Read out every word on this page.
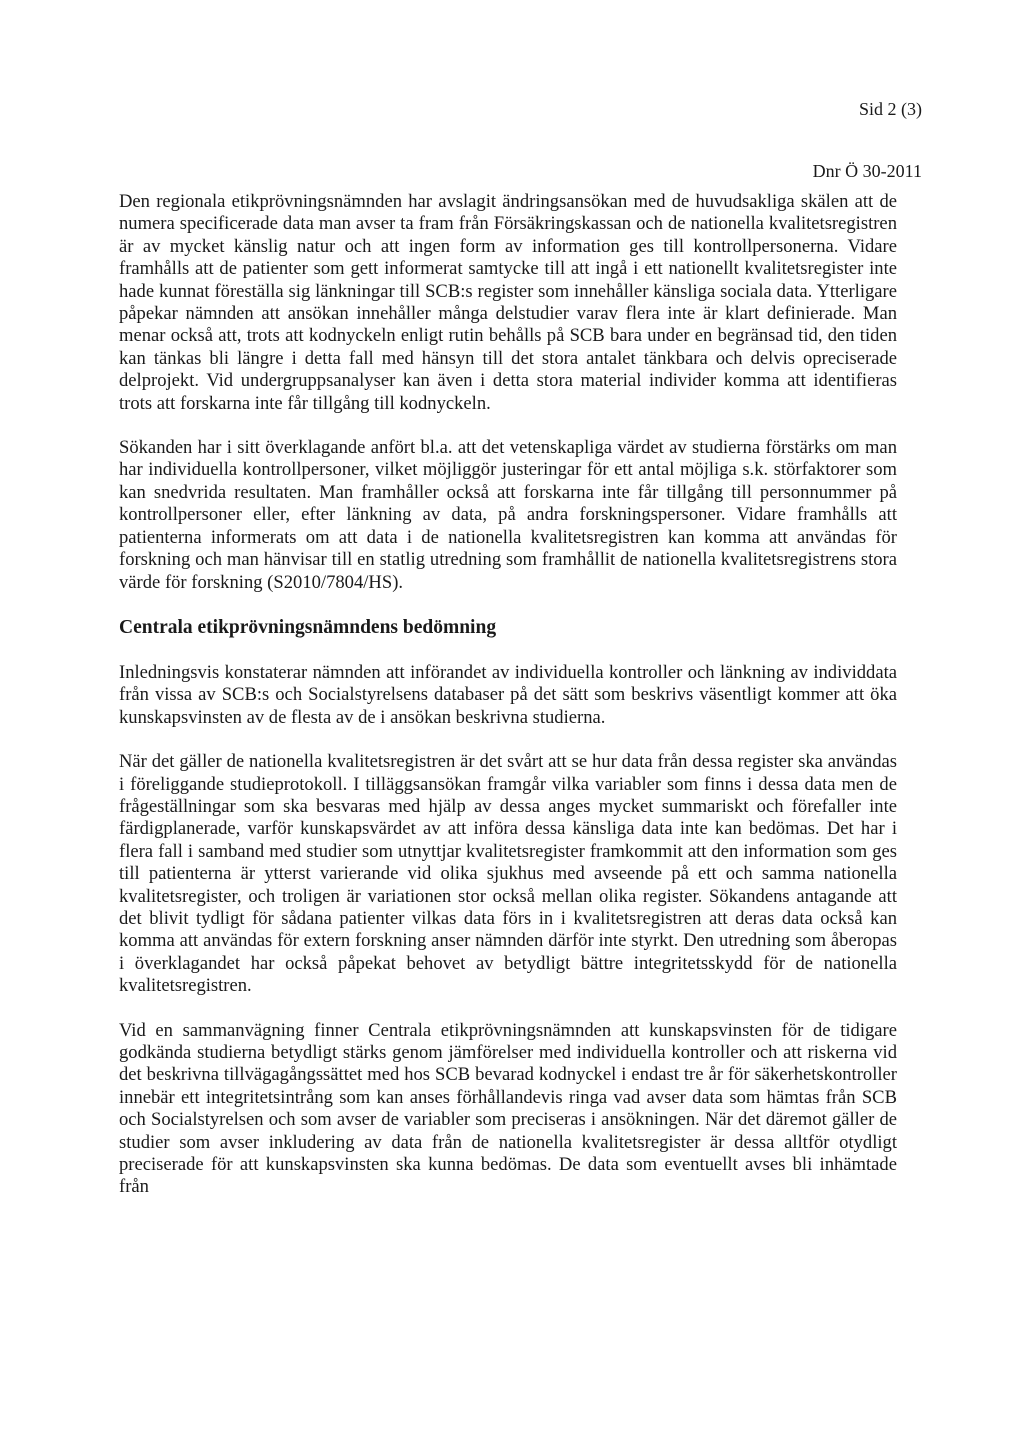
Sid 2 (3)
Dnr Ö 30-2011

Den regionala etikprövningsnämnden har avslagit ändringsansökan med de huvudsakliga skälen att de numera specificerade data man avser ta fram från Försäkringskassan och de nationella kvalitetsregistren är av mycket känslig natur och att ingen form av information ges till kontrollpersonerna. Vidare framhålls att de patienter som gett informerat samtycke till att ingå i ett nationellt kvalitetsregister inte hade kunnat föreställa sig länkningar till SCB:s register som innehåller känsliga sociala data. Ytterligare påpekar nämnden att ansökan innehåller många delstudier varav flera inte är klart definierade. Man menar också att, trots att kodnyckeln enligt rutin behålls på SCB bara under en begränsad tid, den tiden kan tänkas bli längre i detta fall med hänsyn till det stora antalet tänkbara och delvis opreciserade delprojekt. Vid undergruppsanalyser kan även i detta stora material individer komma att identifieras trots att forskarna inte får tillgång till kodnyckeln.

Sökanden har i sitt överklagande anfört bl.a. att det vetenskapliga värdet av studierna förstärks om man har individuella kontrollpersoner, vilket möjliggör justeringar för ett antal möjliga s.k. störfaktorer som kan snedvrida resultaten. Man framhåller också att forskarna inte får tillgång till personnummer på kontrollpersoner eller, efter länkning av data, på andra forskningspersoner. Vidare framhålls att patienterna informerats om att data i de nationella kvalitetsregistren kan komma att användas för forskning och man hänvisar till en statlig utredning som framhållit de nationella kvalitetsregistrens stora värde för forskning (S2010/7804/HS).

Centrala etikprövningsnämndens bedömning

Inledningsvis konstaterar nämnden att införandet av individuella kontroller och länkning av individdata från vissa av SCB:s och Socialstyrelsens databaser på det sätt som beskrivs väsentligt kommer att öka kunskapsvinsten av de flesta av de i ansökan beskrivna studierna.

När det gäller de nationella kvalitetsregistren är det svårt att se hur data från dessa register ska användas i föreliggande studieprotokoll. I tilläggsansökan framgår vilka variabler som finns i dessa data men de frågeställningar som ska besvaras med hjälp av dessa anges mycket summariskt och förefaller inte färdigplanerade, varför kunskapsvärdet av att införa dessa känsliga data inte kan bedömas. Det har i flera fall i samband med studier som utnyttjar kvalitetsregister framkommit att den information som ges till patienterna är ytterst varierande vid olika sjukhus med avseende på ett och samma nationella kvalitetsregister, och troligen är variationen stor också mellan olika register. Sökandens antagande att det blivit tydligt för sådana patienter vilkas data förs in i kvalitetsregistren att deras data också kan komma att användas för extern forskning anser nämnden därför inte styrkt. Den utredning som åberopas i överklagandet har också påpekat behovet av betydligt bättre integritetsskydd för de nationella kvalitetsregistren.

Vid en sammanvägning finner Centrala etikprövningsnämnden att kunskapsvinsten för de tidigare godkända studierna betydligt stärks genom jämförelser med individuella kontroller och att riskerna vid det beskrivna tillvägagångssättet med hos SCB bevarad kodnyckel i endast tre år för säkerhetskontroller innebär ett integritetsintrång som kan anses förhållandevis ringa vad avser data som hämtas från SCB och Socialstyrelsen och som avser de variabler som preciseras i ansökningen. När det däremot gäller de studier som avser inkludering av data från de nationella kvalitetsregister är dessa alltför otydligt preciserade för att kunskapsvinsten ska kunna bedömas. De data som eventuellt avses bli inhämtade från
